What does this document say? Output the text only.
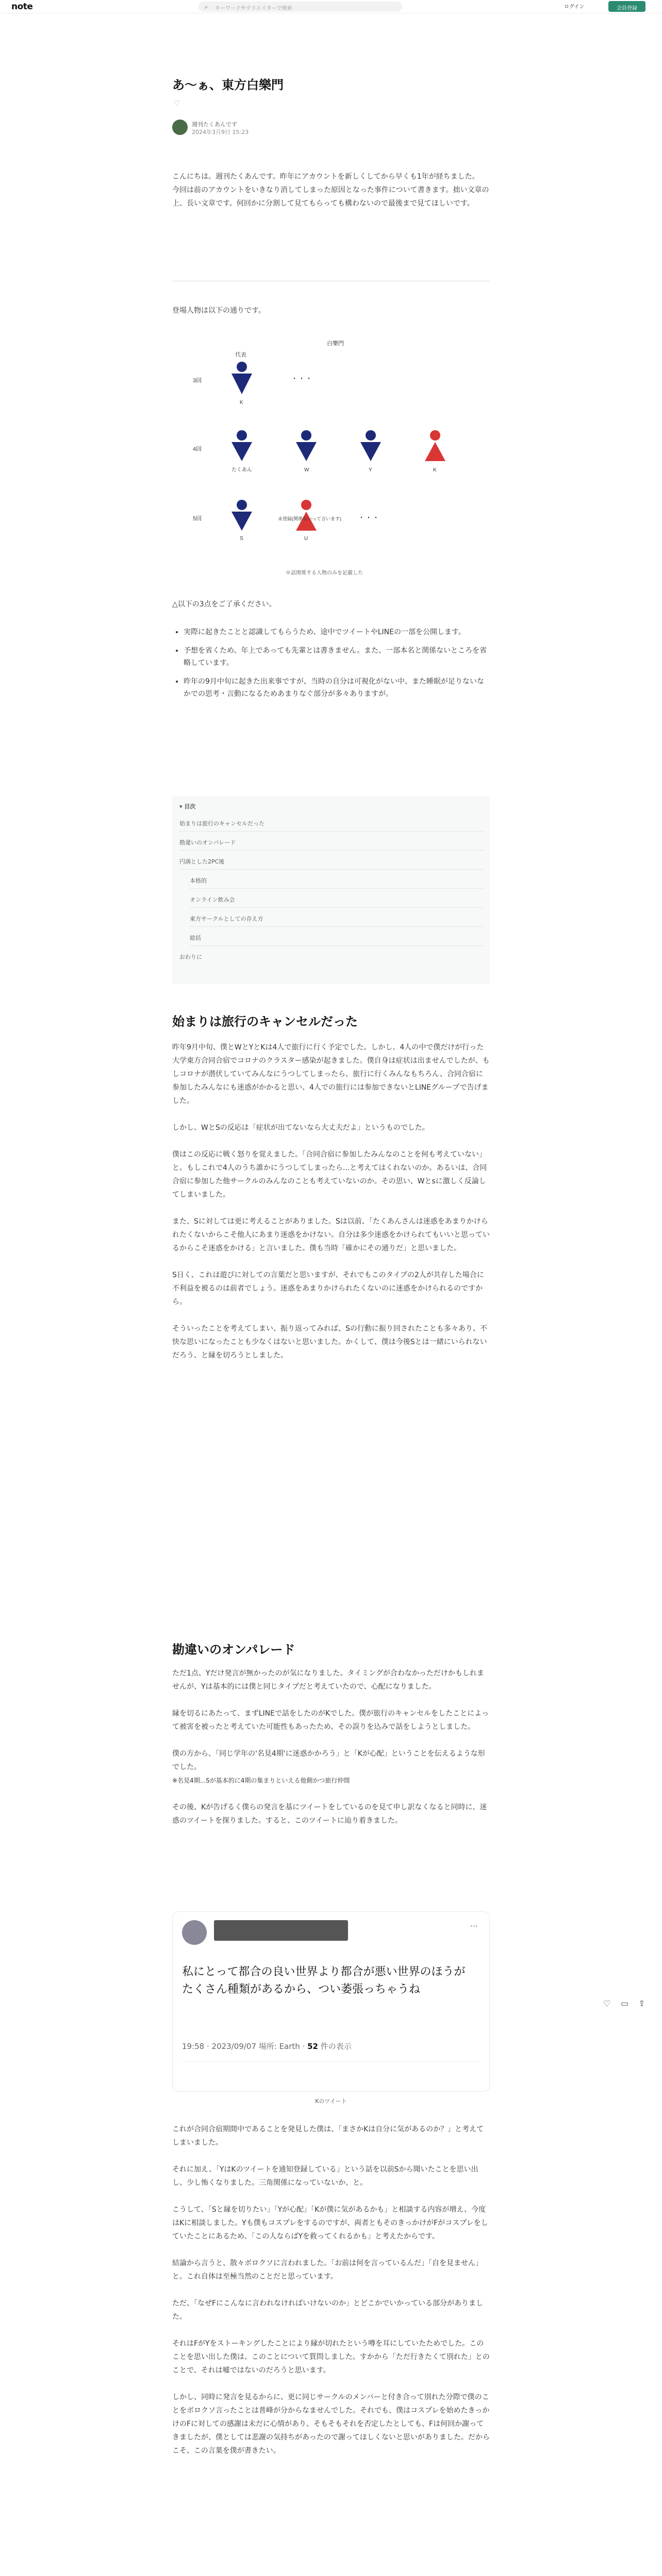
note	⌕ キーワードやクリエイターで検索	ログイン	会員登録
あ〜ぁ、東方白樂門
♡
週刊たくあんです
2024年3月9日 15:23

こんにちは。週刊たくあんです。昨年にアカウントを新しくしてから早くも1年が経ちました。

今回は前のアカウントをいきなり消してしまった原因となった事件について書きます。拙い文章の上、長い文章です。何回かに分割して見てもらっても構わないので最後まで見てほしいです。

登場人物は以下の通りです。
白樂門
代表
3回
4回
5回
K
・・・
たくあん	W	Y	K
S	U
未登録(関係ないって言います) ・・・
※話関係する人物のみを記載した
△以下の3点をご了承ください。
• 実際に起きたことと認識してもらうため、途中でツイートやLINEの一部を公開します。
• 予想を省くため、年上であっても先輩とは書きません。また、一部本名と関係ないところを省略しています。
• 昨年の9月中旬に起きた出来事ですが、当時の自分は可視化がない中、また睡眠が足りないなかでの思考・言動になるためあまりなぐ部分が多々ありますが。
▾ 目次
始まりは旅行のキャンセルだった
勘違いのオンパレード
円満とした2PC後
本格的
オンライン飲み会
東方サークルとしての存え方
総括
おわりに
始まりは旅行のキャンセルだった

昨年9月中旬、僕とWとYとKは4人で旅行に行く予定でした。しかし、4人の中で僕だけが行った大学東方合同合宿でコロナのクラスター感染が起きました。僕自身は症状は出ませんでしたが、もしコロナが潜伏していてみんなにうつしてしまったら、旅行に行くみんなもちろん、合同合宿に参加したみんなにも迷惑がかかると思い、4人での旅行には参加できないとLINEグループで告げました。

しかし、WとSの反応は「症状が出てないなら大丈夫だよ」というものでした。

僕はこの反応に戦く怒りを覚えました。「合同合宿に参加したみんなのことを何も考えていない」と。もしこれで4人のうち誰かにうつしてしまったら...と考えてはくれないのか。あるいは、合同合宿に参加した他サークルのみんなのことも考えていないのか。その思い、Wとsに激しく反論してしまいました。

また、Sに対しては更に考えることがありました。Sは以前、「たくあんさんは迷惑をあまりかけられたくないからこそ他人にあまり迷惑をかけない。自分は多少迷惑をかけられてもいいと思っているからこそ迷惑をかける」と言いました。僕も当時「確かにその通りだ」と思いました。

S日く、これは遊びに対しての言葉だと思いますが、それでもこのタイプの2人が共存した場合に不利益を被るのは前者でしょう。迷惑をあまりかけられたくないのに迷惑をかけられるのですから。

そういったことを考えてしまい、振り返ってみれば、Sの行動に振り回されたことも多々あり、不快な思いになったことも少なくはないと思いました。かくして、僕は今後Sとは一緒にいられないだろう、と縁を切ろうとしました。

勘違いのオンパレード

ただ1点、Yだけ発言が無かったのが気になりました。タイミングが合わなかっただけかもしれませんが、Yは基本的には僕と同じタイプだと考えていたので、心配になりました。

縁を切るにあたって、まずLINEで話をしたのがKでした。僕が旅行のキャンセルをしたことによって被害を被ったと考えていた可能性もあったため、その誤りを込みで話をしようとしました。

僕の方から、「同じ学年の'名見4期'に迷惑かかろう」と「Kが心配」ということを伝えるような形でした。

※名見4期...Sが基本的に4期の集まりといえる他側かつ旅行仲間

その後、Kが告げるく僕らの発言を基にツイートをしているのを見て申し訳なくなると同時に、迷惑のツイートを探りました。すると、このツイートに辿り着きました。

···
私にとって都合の良い世界より都合が悪い世界のほうがたくさん種類があるから、つい萎張っちゃうね
19:58 · 2023/09/07 場所: Earth · 52 件の表示
Kのツイート
♡ ▭ ⇪

これが合同合宿期間中であることを発見した僕は、「まさかKは自分に気があるのか？」と考えてしまいました。

それに加え、「YはKのツイートを通知登録している」という話を以前Sから聞いたことを思い出し、少し怖くなりました。三角関係になっていないか、と。

こうして、「Sと縁を切りたい」「Yが心配」「Kが僕に気があるかも」と相談する内容が増え、今度はKに相談しました。Yも僕もコスプレをするのですが、両者ともそのきっかけがFがコスプレをしていたことにあるため、「この人ならばYを救ってくれるかも」と考えたからです。

結論から言うと、散々ボロクソに言われました。「お前は何を言っているんだ」「自を見ません」と。これ自体は至極当然のことだと思っています。

ただ、「なぜFにこんなに言われなければいけないのか」とどこかでいかっている部分がありました。

それはFがYをストーキングしたことにより縁が切れたという噂を耳にしていたためでした。このことを思い出した僕は、このことについて質問しました。すかから「ただ行きたくて別れた」とのことで、それは嘘ではないのだろうと思います。

しかし、同時に発言を見るからに、更に同じサークルのメンバーと付き合って別れた分際で僕のことをボロクソ言ったことは普峰が分からなませんでした。それでも、僕はコスプレを始めたきっかけのFに対しての感謝は未だに心情があり、そもそもそれを否定したとしても、Fは何回か謝ってきましたが、僕としては悲謝の気持ちがあったので謝ってほしくないと思いがありました。だからこそ、この言葉を僕が書きたい。
